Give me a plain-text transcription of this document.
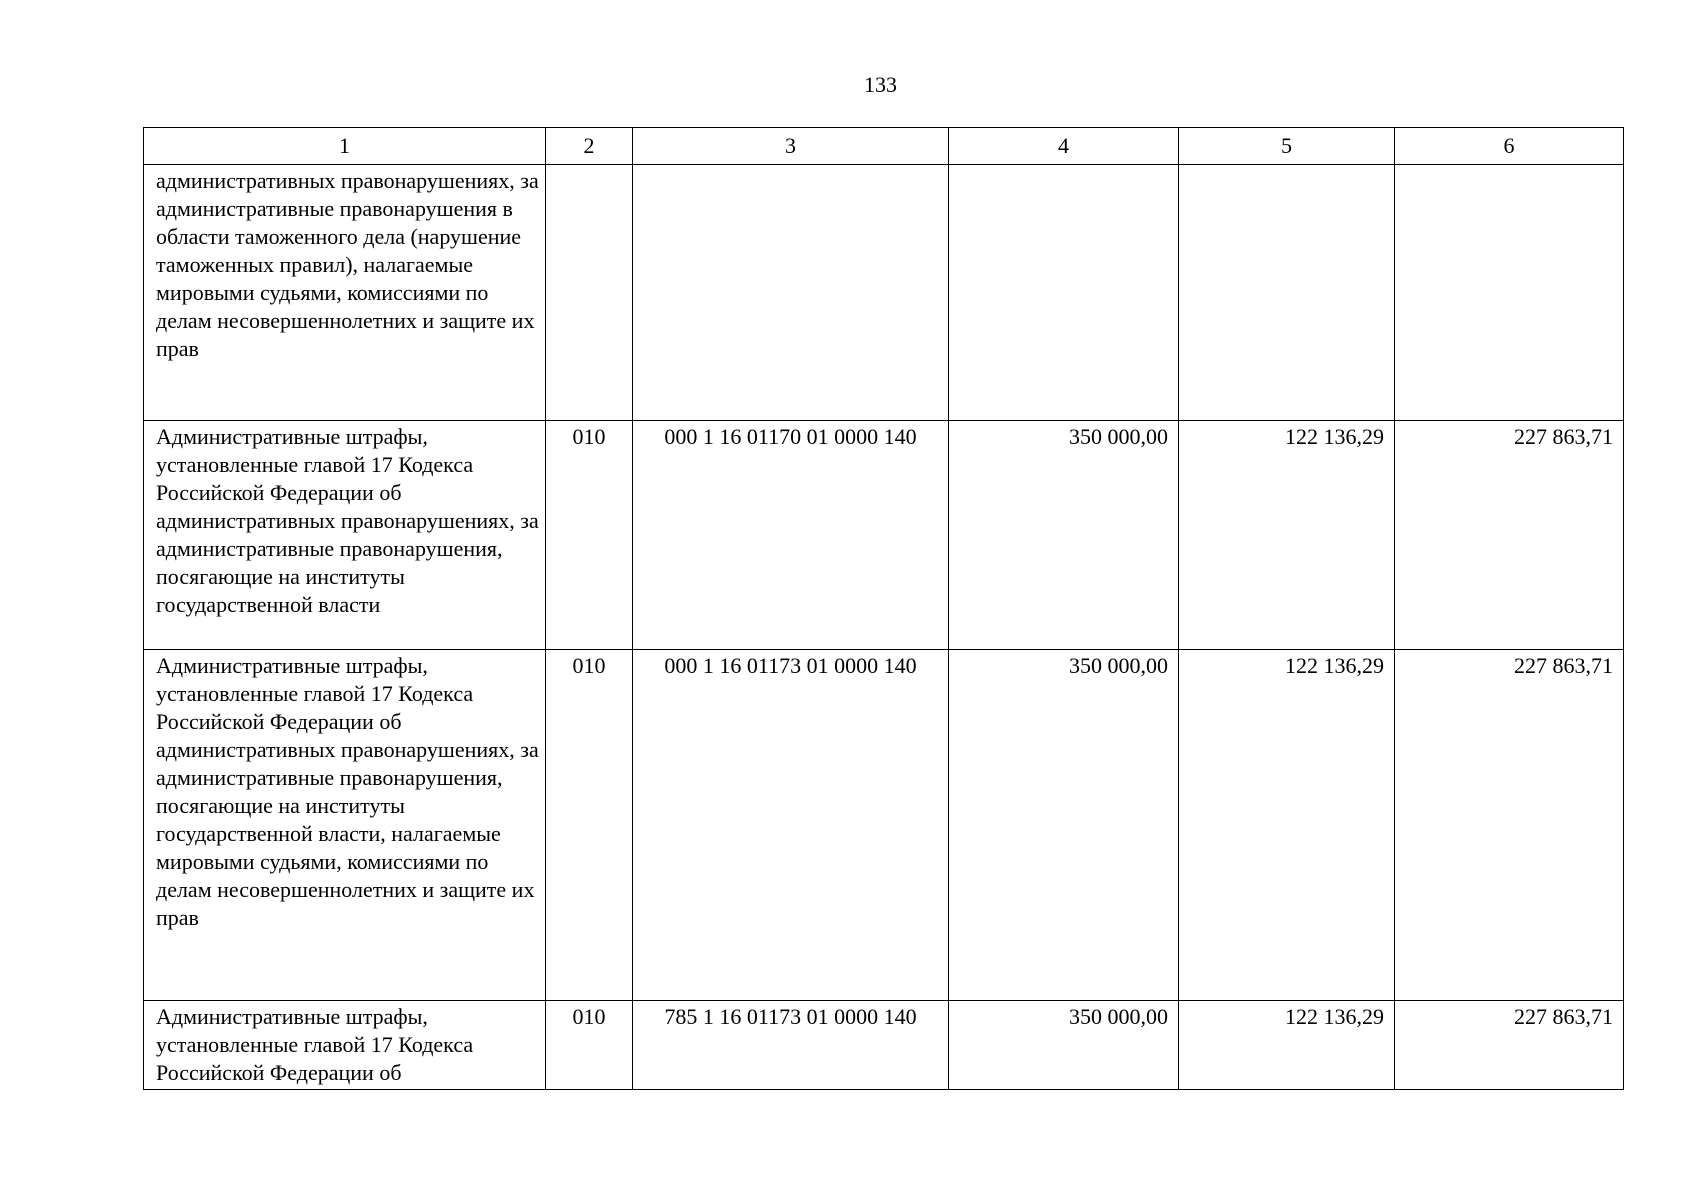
133
1	2	3	4	5	6
административных правонарушениях, за административные правонарушения в области таможенного дела (нарушение таможенных правил), налагаемые мировыми судьями, комиссиями по делам несовершеннолетних и защите их прав					
Административные штрафы, установленные главой 17 Кодекса Российской Федерации об административных правонарушениях, за административные правонарушения, посягающие на институты государственной власти	010	000 1 16 01170 01 0000 140	350 000,00	122 136,29	227 863,71
Административные штрафы, установленные главой 17 Кодекса Российской Федерации об административных правонарушениях, за административные правонарушения, посягающие на институты государственной власти, налагаемые мировыми судьями, комиссиями по делам несовершеннолетних и защите их прав	010	000 1 16 01173 01 0000 140	350 000,00	122 136,29	227 863,71
Административные штрафы, установленные главой 17 Кодекса Российской Федерации об	010	785 1 16 01173 01 0000 140	350 000,00	122 136,29	227 863,71
